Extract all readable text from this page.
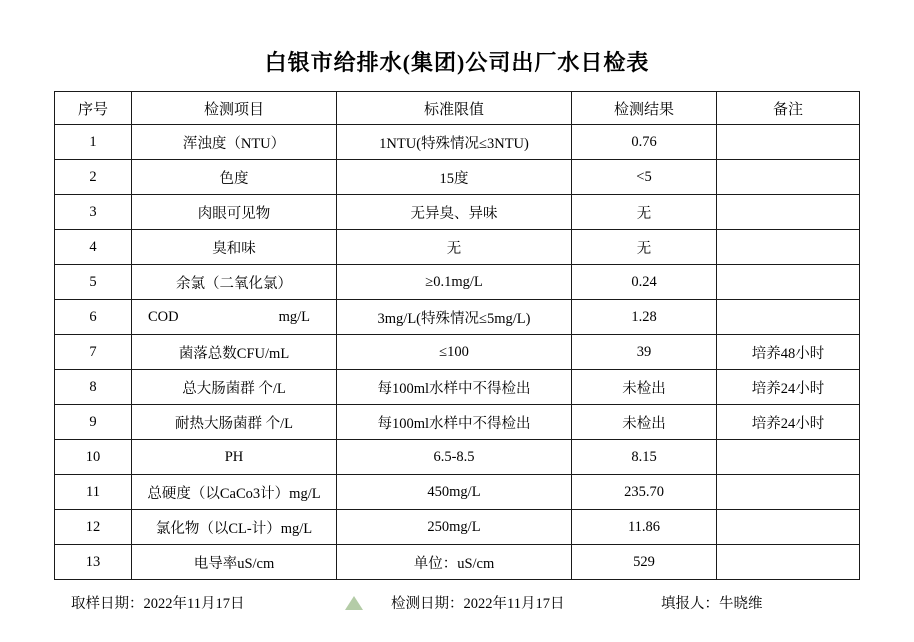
白银市给排水(集团)公司出厂水日检表
序号	检测项目	标准限值	检测结果	备注
1	浑浊度（NTU）	1NTU(特殊情况≤3NTU)	0.76	
2	色度	15度	<5	
3	肉眼可见物	无异臭、异味	无	
4	臭和味	无	无	
5	余氯（二氧化氯）	≥0.1mg/L	0.24	
6	COD mg/L	3mg/L(特殊情况≤5mg/L)	1.28	
7	菌落总数CFU/mL	≤100	39	培养48小时
8	总大肠菌群 个/L	每100ml水样中不得检出	未检出	培养24小时
9	耐热大肠菌群 个/L	每100ml水样中不得检出	未检出	培养24小时
10	PH	6.5-8.5	8.15	
11	总硬度（以CaCo3计）mg/L	450mg/L	235.70	
12	氯化物（以CL-计）mg/L	250mg/L	11.86	
13	电导率uS/cm	单位：uS/cm	529	
取样日期：2022年11月17日	检测日期：2022年11月17日	填报人：牛晓维
